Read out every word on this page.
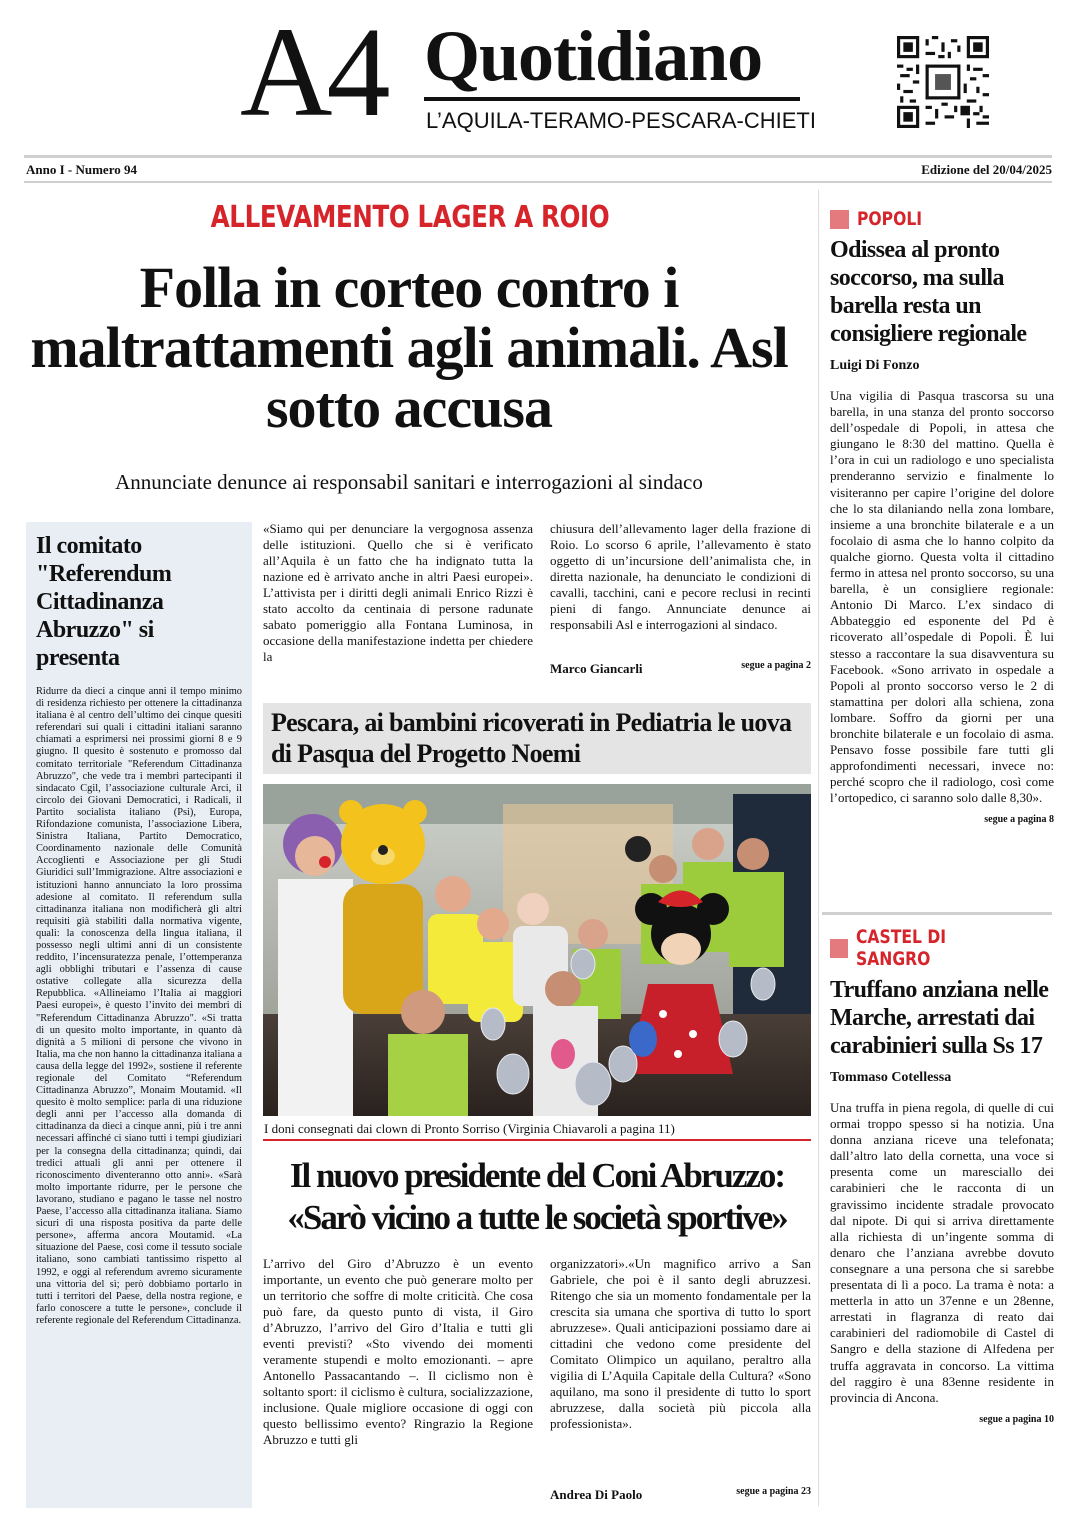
A4 Quotidiano
L’AQUILA-TERAMO-PESCARA-CHIETI
Anno I - Numero 94	Edizione del 20/04/2025
ALLEVAMENTO LAGER A ROIO
Folla in corteo contro i maltrattamenti agli animali. Asl sotto accusa
Annunciate denunce ai responsabil sanitari e interrogazioni al sindaco
Il comitato "Referendum Cittadinanza Abruzzo" si presenta

Ridurre da dieci a cinque anni il tempo minimo di residenza richiesto per ottenere la cittadinanza italiana è al centro dell’ultimo dei cinque quesiti referendari sui quali i cittadini italiani saranno chiamati a esprimersi nei prossimi giorni 8 e 9 giugno. Il quesito è sostenuto e promosso dal comitato territoriale "Referendum Cittadinanza Abruzzo", che vede tra i membri partecipanti il sindacato Cgil, l’associazione culturale Arci, il circolo dei Giovani Democratici, i Radicali, il Partito socialista italiano (Psi), Europa, Rifondazione comunista, l’associazione Libera, Sinistra Italiana, Partito Democratico, Coordinamento nazionale delle Comunità Accoglienti e Associazione per gli Studi Giuridici sull’Immigrazione. Altre associazioni e istituzioni hanno annunciato la loro prossima adesione al comitato. Il referendum sulla cittadinanza italiana non modificherà gli altri requisiti già stabiliti dalla normativa vigente, quali: la conoscenza della lingua italiana, il possesso negli ultimi anni di un consistente reddito, l’incensuratezza penale, l’ottemperanza agli obblighi tributari e l’assenza di cause ostative collegate alla sicurezza della Repubblica. «Allineiamo l’Italia ai maggiori Paesi europei», è questo l’invito dei membri di "Referendum Cittadinanza Abruzzo". «Si tratta di un quesito molto importante, in quanto dà dignità a 5 milioni di persone che vivono in Italia, ma che non hanno la cittadinanza italiana a causa della legge del 1992», sostiene il referente regionale del Comitato “Referendum Cittadinanza Abruzzo”, Monaim Moutamid. «Il quesito è molto semplice: parla di una riduzione degli anni per l’accesso alla domanda di cittadinanza da dieci a cinque anni, più i tre anni necessari affinché ci siano tutti i tempi giudiziari per la consegna della cittadinanza; quindi, dai tredici attuali gli anni per ottenere il riconoscimento diventeranno otto anni». «Sarà molto importante ridurre, per le persone che lavorano, studiano e pagano le tasse nel nostro Paese, l’accesso alla cittadinanza italiana. Siamo sicuri di una risposta positiva da parte delle persone», afferma ancora Moutamid. «La situazione del Paese, così come il tessuto sociale italiano, sono cambiati tantissimo rispetto al 1992, e oggi al referendum avremo sicuramente una vittoria del sì; però dobbiamo portarlo in tutti i territori del Paese, della nostra regione, e farlo conoscere a tutte le persone», conclude il referente regionale del Referendum Cittadinanza.

«Siamo qui per denunciare la vergognosa assenza delle istituzioni. Quello che si è verificato all’Aquila è un fatto che ha indignato tutta la nazione ed è arrivato anche in altri Paesi europei». L’attivista per i diritti degli animali Enrico Rizzi è stato accolto da centinaia di persone radunate sabato pomeriggio alla Fontana Luminosa, in occasione della manifestazione indetta per chiedere la
chiusura dell’allevamento lager della frazione di Roio. Lo scorso 6 aprile, l’allevamento è stato oggetto di un’incursione dell’animalista che, in diretta nazionale, ha denunciato le condizioni di cavalli, tacchini, cani e pecore reclusi in recinti pieni di fango. Annunciate denunce ai responsabili Asl e interrogazioni al sindaco.
Marco Giancarli	segue a pagina 2
Pescara, ai bambini ricoverati in Pediatria le uova di Pasqua del Progetto Noemi
I doni consegnati dai clown di Pronto Sorriso (Virginia Chiavaroli a pagina 11)
Il nuovo presidente del Coni Abruzzo: «Sarò vicino a tutte le società sportive»
L’arrivo del Giro d’Abruzzo è un evento importante, un evento che può generare molto per un territorio che soffre di molte criticità. Che cosa può fare, da questo punto di vista, il Giro d’Abruzzo, l’arrivo del Giro d’Italia e tutti gli eventi previsti? «Sto vivendo dei momenti veramente stupendi e molto emozionanti. – apre Antonello Passacantando –. Il ciclismo non è soltanto sport: il ciclismo è cultura, socializzazione, inclusione. Quale migliore occasione di oggi con questo bellissimo evento? Ringrazio la Regione Abruzzo e tutti gli
organizzatori».«Un magnifico arrivo a San Gabriele, che poi è il santo degli abruzzesi. Ritengo che sia un momento fondamentale per la crescita sia umana che sportiva di tutto lo sport abruzzese». Quali anticipazioni possiamo dare ai cittadini che vedono come presidente del Comitato Olimpico un aquilano, peraltro alla vigilia di L’Aquila Capitale della Cultura? «Sono aquilano, ma sono il presidente di tutto lo sport abruzzese, dalla società più piccola alla professionista».
Andrea Di Paolo	segue a pagina 23
POPOLI
Odissea al pronto soccorso, ma sulla barella resta un consigliere regionale
Luigi Di Fonzo

Una vigilia di Pasqua trascorsa su una barella, in una stanza del pronto soccorso dell’ospedale di Popoli, in attesa che giungano le 8:30 del mattino. Quella è l’ora in cui un radiologo e uno specialista prenderanno servizio e finalmente lo visiteranno per capire l’origine del dolore che lo sta dilaniando nella zona lombare, insieme a una bronchite bilaterale e a un focolaio di asma che lo hanno colpito da qualche giorno. Questa volta il cittadino fermo in attesa nel pronto soccorso, su una barella, è un consigliere regionale: Antonio Di Marco. L’ex sindaco di Abbateggio ed esponente del Pd è ricoverato all’ospedale di Popoli. È lui stesso a raccontare la sua disavventura su Facebook. «Sono arrivato in ospedale a Popoli al pronto soccorso verso le 2 di stamattina per dolori alla schiena, zona lombare. Soffro da giorni per una bronchite bilaterale e un focolaio di asma. Pensavo fosse possibile fare tutti gli approfondimenti necessari, invece no: perché scopro che il radiologo, così come l’ortopedico, ci saranno solo dalle 8,30».

segue a pagina 8
CASTEL DI SANGRO
Truffano anziana nelle Marche, arrestati dai carabinieri sulla Ss 17
Tommaso Cotellessa

Una truffa in piena regola, di quelle di cui ormai troppo spesso si ha notizia. Una donna anziana riceve una telefonata; dall’altro lato della cornetta, una voce si presenta come un maresciallo dei carabinieri che le racconta di un gravissimo incidente stradale provocato dal nipote. Di qui si arriva direttamente alla richiesta di un’ingente somma di denaro che l’anziana avrebbe dovuto consegnare a una persona che si sarebbe presentata di lì a poco. La trama è nota: a metterla in atto un 37enne e un 28enne, arrestati in flagranza di reato dai carabinieri del radiomobile di Castel di Sangro e della stazione di Alfedena per truffa aggravata in concorso. La vittima del raggiro è una 83enne residente in provincia di Ancona.

segue a pagina 10
